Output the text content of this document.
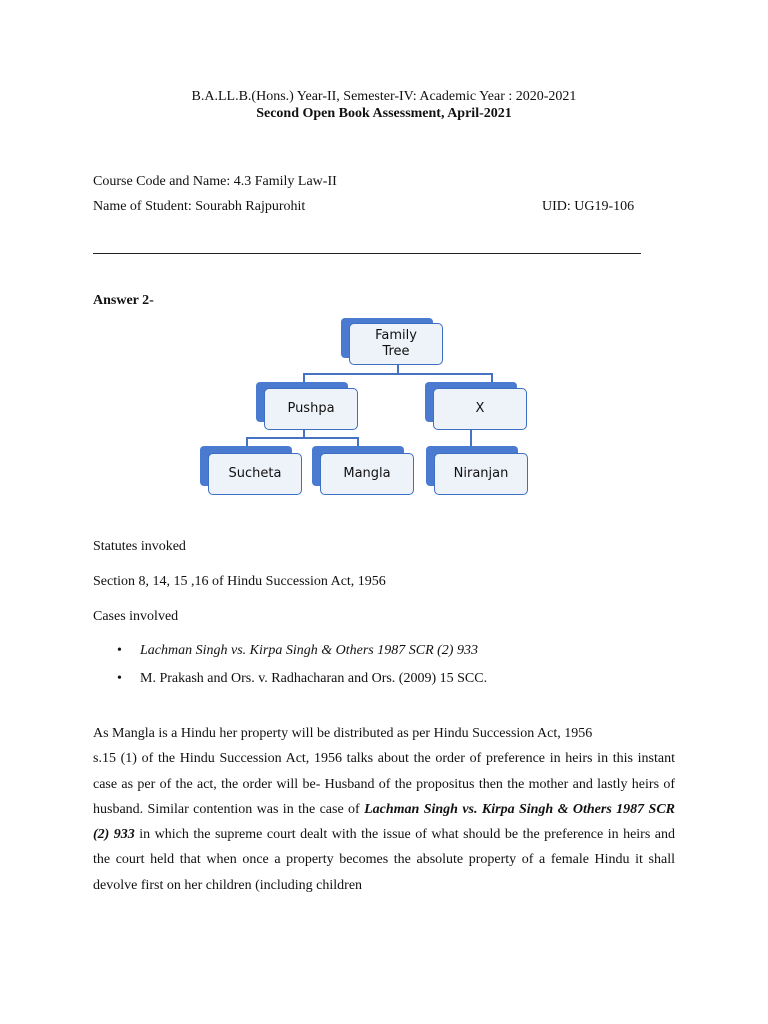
B.A.LL.B.(Hons.) Year-II, Semester-IV: Academic Year : 2020-2021
Second Open Book Assessment, April-2021
Course Code and Name: 4.3 Family Law-II
Name of Student: Sourabh Rajpurohit	UID: UG19-106
Answer 2-
Family
Tree
Pushpa	X
Sucheta	Mangla	Niranjan
Statutes invoked
Section 8, 14, 15 ,16 of Hindu Succession Act, 1956
Cases involved
• Lachman Singh vs. Kirpa Singh & Others 1987 SCR (2) 933
• M. Prakash and Ors. v. Radhacharan and Ors. (2009) 15 SCC.

As Mangla is a Hindu her property will be distributed as per Hindu Succession Act, 1956

s.15 (1) of the Hindu Succession Act, 1956 talks about the order of preference in heirs in this instant case as per of the act, the order will be- Husband of the propositus then the mother and lastly heirs of husband. Similar contention was in the case of Lachman Singh vs. Kirpa Singh & Others 1987 SCR (2) 933 in which the supreme court dealt with the issue of what should be the preference in heirs and the court held that when once a property becomes the absolute property of a female Hindu it shall devolve first on her children (including children
